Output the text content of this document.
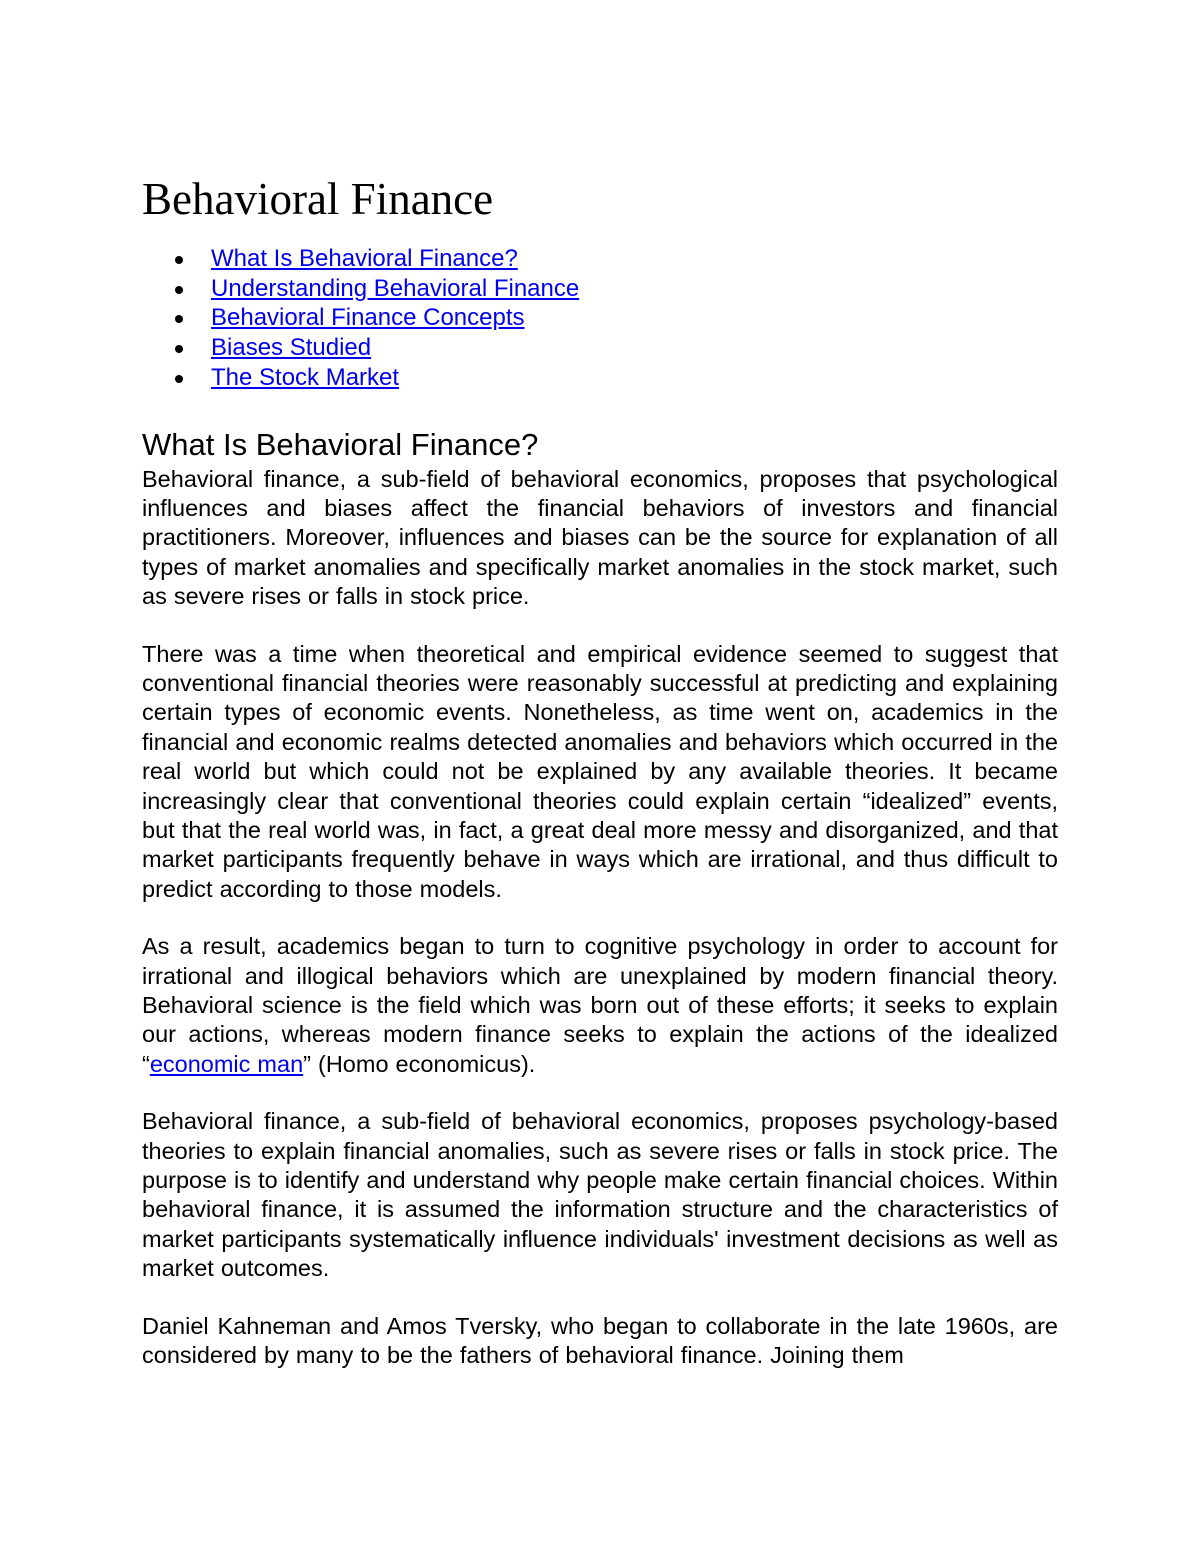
Behavioral Finance
What Is Behavioral Finance?
Understanding Behavioral Finance
Behavioral Finance Concepts
Biases Studied
The Stock Market
What Is Behavioral Finance?

Behavioral finance, a sub-field of behavioral economics, proposes that psychological influences and biases affect the financial behaviors of investors and financial practitioners. Moreover, influences and biases can be the source for explanation of all types of market anomalies and specifically market anomalies in the stock market, such as severe rises or falls in stock price.

There was a time when theoretical and empirical evidence seemed to suggest that conventional financial theories were reasonably successful at predicting and explaining certain types of economic events. Nonetheless, as time went on, academics in the financial and economic realms detected anomalies and behaviors which occurred in the real world but which could not be explained by any available theories. It became increasingly clear that conventional theories could explain certain “idealized” events, but that the real world was, in fact, a great deal more messy and disorganized, and that market participants frequently behave in ways which are irrational, and thus difficult to predict according to those models.

As a result, academics began to turn to cognitive psychology in order to account for irrational and illogical behaviors which are unexplained by modern financial theory. Behavioral science is the field which was born out of these efforts; it seeks to explain our actions, whereas modern finance seeks to explain the actions of the idealized “economic man” (Homo economicus).

Behavioral finance, a sub-field of behavioral economics, proposes psychology-based theories to explain financial anomalies, such as severe rises or falls in stock price. The purpose is to identify and understand why people make certain financial choices. Within behavioral finance, it is assumed the information structure and the characteristics of market participants systematically influence individuals' investment decisions as well as market outcomes.

Daniel Kahneman and Amos Tversky, who began to collaborate in the late 1960s, are considered by many to be the fathers of behavioral finance. Joining them
